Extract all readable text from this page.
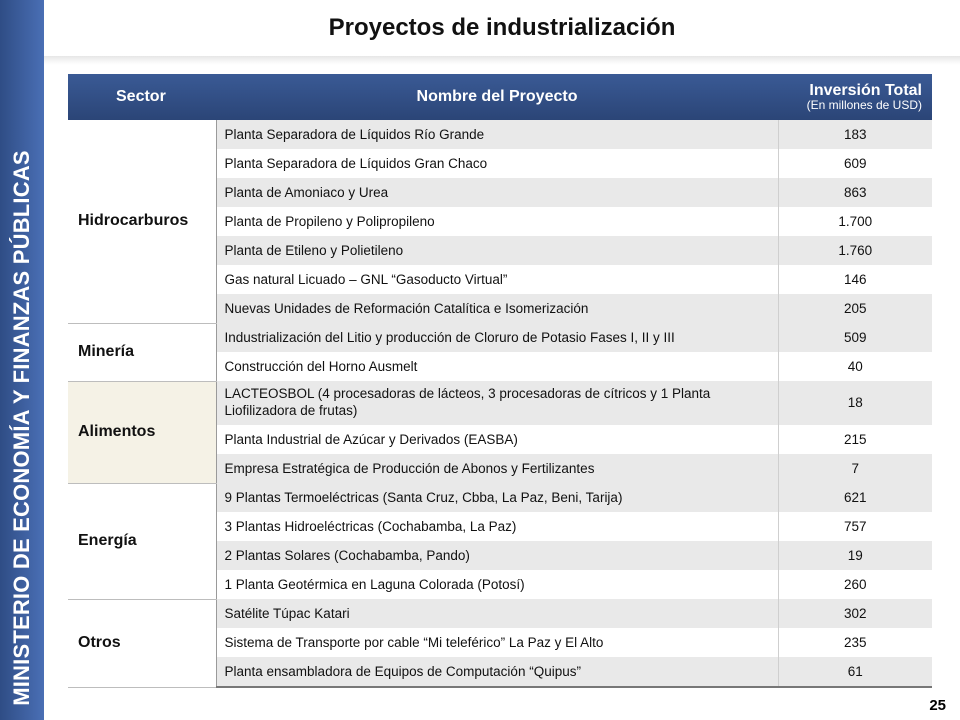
MINISTERIO DE ECONOMÍA Y FINANZAS PÚBLICAS
Proyectos de industrialización
Sector	Nombre del Proyecto	Inversión Total
(En millones de USD)

Hidrocarburos	Planta Separadora de Líquidos Río Grande	183
	Planta Separadora de Líquidos Gran Chaco	609
	Planta de Amoniaco y Urea	863
	Planta de Propileno y Polipropileno	1.700
	Planta de Etileno y Polietileno	1.760
	Gas natural Licuado – GNL “Gasoducto Virtual”	146
	Nuevas Unidades de Reformación Catalítica e Isomerización	205
Minería	Industrialización del Litio y producción de Cloruro de Potasio Fases I, II y III	509
	Construcción del Horno Ausmelt	40
Alimentos	LACTEOSBOL (4 procesadoras de lácteos, 3 procesadoras de cítricos y 1 Planta Liofilizadora de frutas)	18
	Planta Industrial de Azúcar y Derivados (EASBA)	215
	Empresa Estratégica de Producción de Abonos y Fertilizantes	7
Energía	9 Plantas Termoeléctricas (Santa Cruz, Cbba, La Paz, Beni, Tarija)	621
	3 Plantas Hidroeléctricas (Cochabamba, La Paz)	757
	2 Plantas Solares (Cochabamba, Pando)	19
	1 Planta Geotérmica en Laguna Colorada (Potosí)	260
Otros	Satélite Túpac Katari	302
	Sistema de Transporte por cable “Mi teleférico” La Paz y El Alto	235
	Planta ensambladora de Equipos de Computación “Quipus”	61
25
